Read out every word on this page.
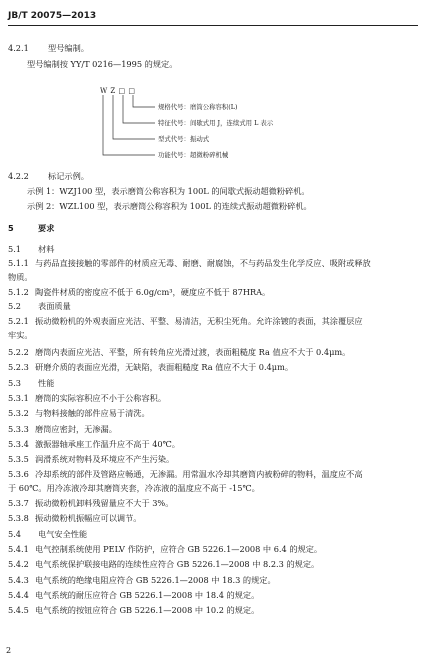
JB/T 20075—2013
4.2.1 型号编制。
型号编制按 YY/T 0216—1995 的规定。
W Z □ □
规格代号：磨筒公称容积(L)
特征代号：间歇式用 J，连续式用 L 表示
型式代号：振动式
功能代号：超微粉碎机械
4.2.2 标记示例。
示例 1：WZJ100 型，表示磨筒公称容积为 100L 的间歇式振动超微粉碎机。
示例 2：WZL100 型，表示磨筒公称容积为 100L 的连续式振动超微粉碎机。
5	要求
5.1 材料
5.1.1 与药品直接接触的零部件的材质应无毒、耐磨、耐腐蚀，不与药品发生化学反应、吸附或释放
物质。
5.1.2 陶瓷件材质的密度应不低于 6.0g/cm³，硬度应不低于 87HRA。
5.2 表面质量
5.2.1 振动微粉机的外观表面应光洁、平整、易清洁，无积尘死角。允许涂镀的表面，其涂覆层应
牢实。
5.2.2 磨筒内表面应光洁、平整，所有转角应光滑过渡，表面粗糙度 Ra 值应不大于 0.4μm。
5.2.3 研磨介质的表面应光滑，无缺陷，表面粗糙度 Ra 值应不大于 0.4μm。
5.3 性能
5.3.1 磨筒的实际容积应不小于公称容积。
5.3.2 与物料接触的部件应易于清洗。
5.3.3 磨筒应密封，无渗漏。
5.3.4 激振器轴承座工作温升应不高于 40℃。
5.3.5 润滑系统对物料及环境应不产生污染。
5.3.6 冷却系统的部件及管路应畅通，无渗漏。用常温水冷却其磨筒内被粉碎的物料，温度应不高
于 60℃。用冷冻液冷却其磨筒夹套，冷冻液的温度应不高于 -15℃。
5.3.7 振动微粉机卸料残留量应不大于 3%。
5.3.8 振动微粉机振幅应可以调节。
5.4 电气安全性能
5.4.1 电气控制系统使用 PELV 作防护，应符合 GB 5226.1—2008 中 6.4 的规定。
5.4.2 电气系统保护联接电路的连续性应符合 GB 5226.1—2008 中 8.2.3 的规定。
5.4.3 电气系统的绝缘电阻应符合 GB 5226.1—2008 中 18.3 的规定。
5.4.4 电气系统的耐压应符合 GB 5226.1—2008 中 18.4 的规定。
5.4.5 电气系统的按钮应符合 GB 5226.1—2008 中 10.2 的规定。
2
